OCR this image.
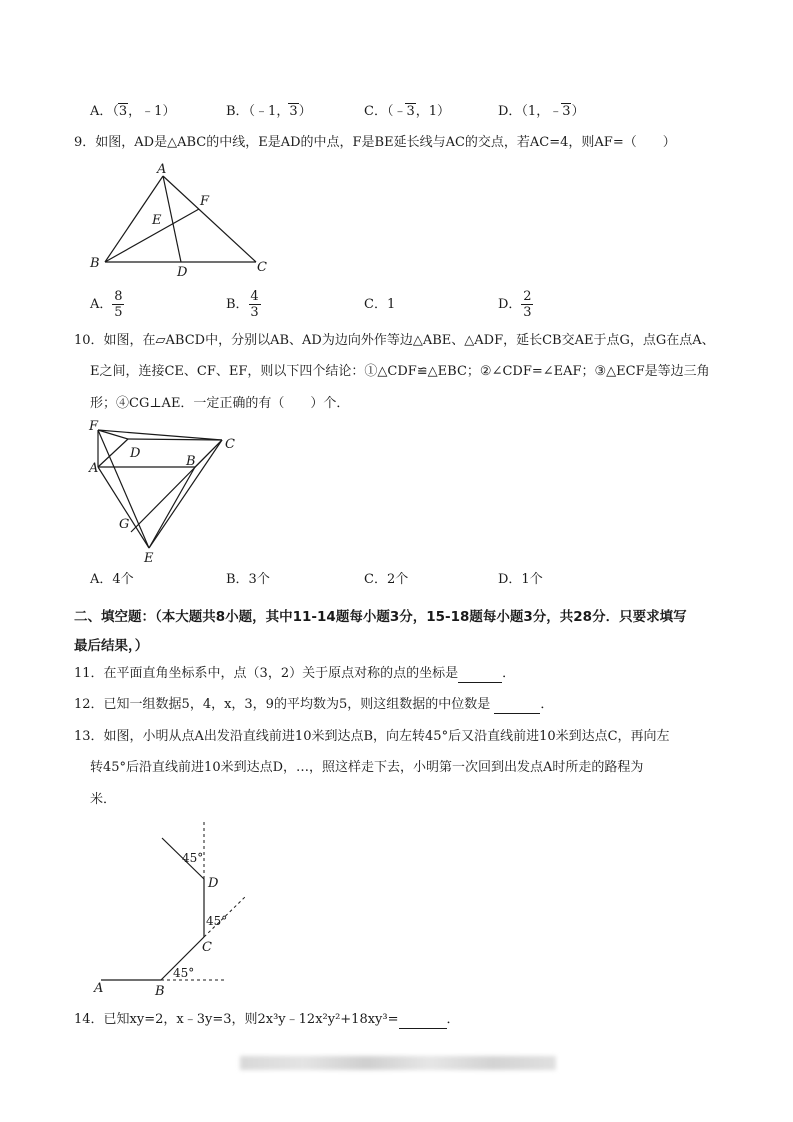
A．（3，﹣1）	B．（﹣1，3）	C．（﹣3，1）	D．（1，﹣3）
9．如图，AD是△ABC的中线，E是AD的中点，F是BE延长线与AC的交点，若AC=4，则AF=（　　）
A
F
E
B
D	C
A． $\frac{8}{5}$	B． $\frac{4}{3}$	C．1	D． $\frac{2}{3}$
10．如图，在▱ABCD中，分别以AB、AD为边向外作等边△ABE、△ADF，延长CB交AE于点G，点G在点A、
E之间，连接CE、CF、EF，则以下四个结论：①△CDF≌△EBC；②∠CDF=∠EAF；③△ECF是等边三角
形；④CG⊥AE．一定正确的有（　　）个．
F
D
C
A	B
G
E
A．4个	B．3个	C．2个	D．1个
二、填空题：（本大题共8小题，其中11-14题每小题3分，15-18题每小题3分，共28分．只要求填写
最后结果，）
11．在平面直角坐标系中，点（3，2）关于原点对称的点的坐标是	．
12．已知一组数据5，4，x，3，9的平均数为5，则这组数据的中位数是	．
13．如图，小明从点A出发沿直线前进10米到达点B，向左转45°后又沿直线前进10米到达点C，再向左
转45°后沿直线前进10米到达点D，…，照这样走下去，小明第一次回到出发点A时所走的路程为
米．
A	B
C
D
45°
45°
45°
14．已知xy=2，x﹣3y=3，则2x³y﹣12x²y²+18xy³=	．
